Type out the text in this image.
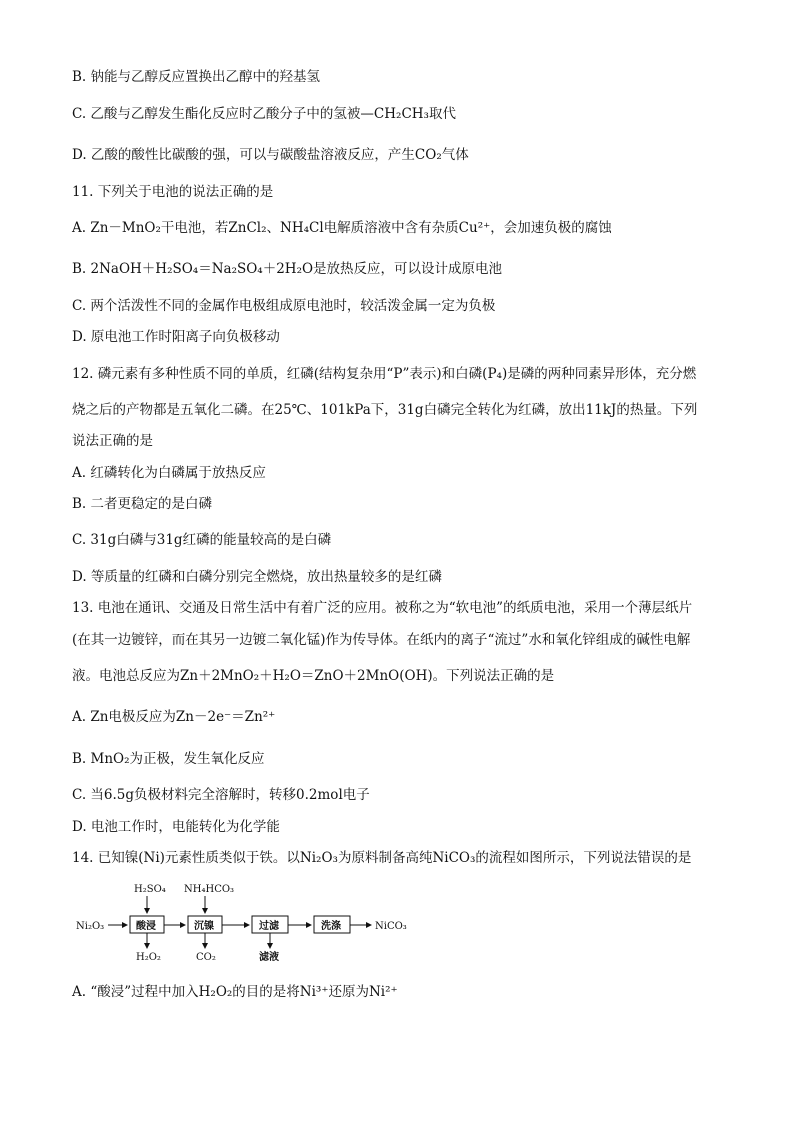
B. 钠能与乙醇反应置换出乙醇中的羟基氢
C. 乙酸与乙醇发生酯化反应时乙酸分子中的氢被—CH₂CH₃取代
D. 乙酸的酸性比碳酸的强，可以与碳酸盐溶液反应，产生CO₂气体
11. 下列关于电池的说法正确的是
A. Zn－MnO₂干电池，若ZnCl₂、NH₄Cl电解质溶液中含有杂质Cu²⁺，会加速负极的腐蚀
B. 2NaOH＋H₂SO₄＝Na₂SO₄＋2H₂O是放热反应，可以设计成原电池
C. 两个活泼性不同的金属作电极组成原电池时，较活泼金属一定为负极
D. 原电池工作时阳离子向负极移动
12. 磷元素有多种性质不同的单质，红磷(结构复杂用“P”表示)和白磷(P₄)是磷的两种同素异形体，充分燃
烧之后的产物都是五氧化二磷。在25℃、101kPa下，31g白磷完全转化为红磷，放出11kJ的热量。下列
说法正确的是
A. 红磷转化为白磷属于放热反应
B. 二者更稳定的是白磷
C. 31g白磷与31g红磷的能量较高的是白磷
D. 等质量的红磷和白磷分别完全燃烧，放出热量较多的是红磷
13. 电池在通讯、交通及日常生活中有着广泛的应用。被称之为“软电池”的纸质电池，采用一个薄层纸片
(在其一边镀锌，而在其另一边镀二氧化锰)作为传导体。在纸内的离子“流过”水和氧化锌组成的碱性电解
液。电池总反应为Zn＋2MnO₂＋H₂O＝ZnO＋2MnO(OH)。下列说法正确的是
A. Zn电极反应为Zn－2e⁻＝Zn²⁺
B. MnO₂为正极，发生氧化反应
C. 当6.5g负极材料完全溶解时，转移0.2mol电子
D. 电池工作时，电能转化为化学能
14. 已知镍(Ni)元素性质类似于铁。以Ni₂O₃为原料制备高纯NiCO₃的流程如图所示，下列说法错误的是
Ni₂O₃	酸浸
H₂SO₄
H₂O₂
沉镍
NH₄HCO₃
CO₂
过滤
滤液
洗涤	NiCO₃
A. “酸浸”过程中加入H₂O₂的目的是将Ni³⁺还原为Ni²⁺
